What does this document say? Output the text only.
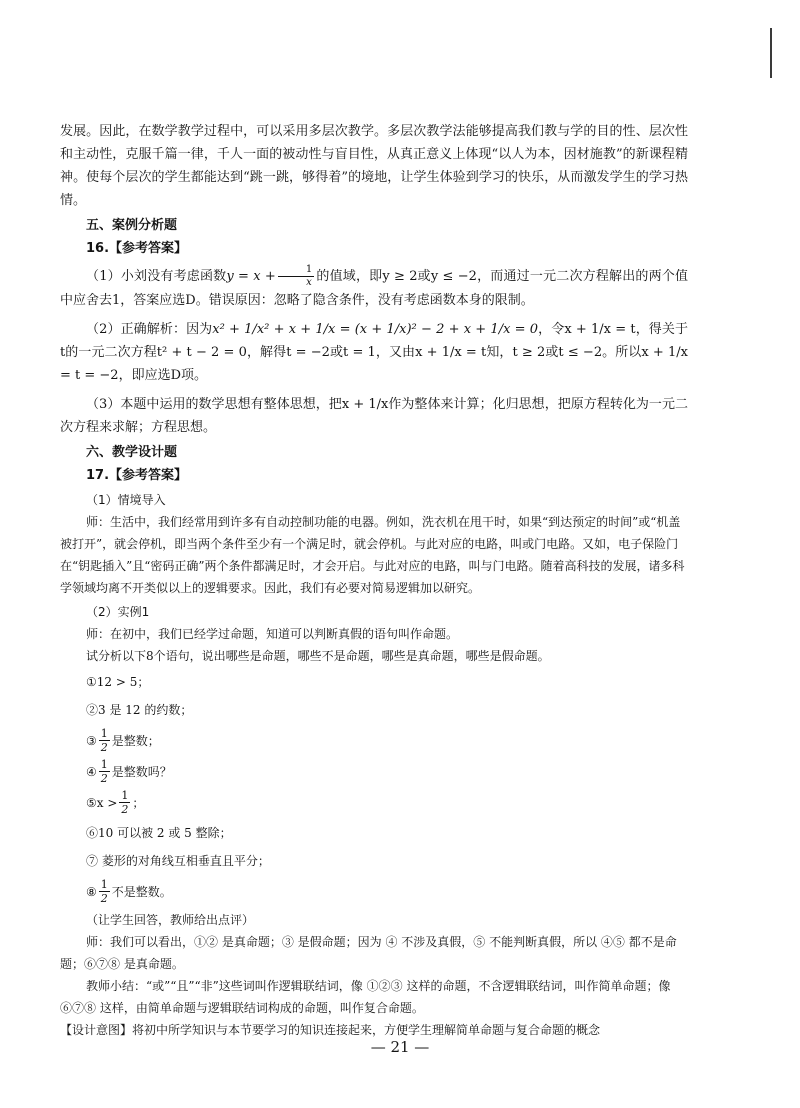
发展。因此，在数学教学过程中，可以采用多层次教学。多层次教学法能够提高我们教与学的目的性、层次性和主动性，克服千篇一律，千人一面的被动性与盲目性，从真正意义上体现“以人为本，因材施教”的新课程精神。使每个层次的学生都能达到“跳一跳，够得着”的境地，让学生体验到学习的快乐，从而激发学生的学习热情。

五、案例分析题
16.【参考答案】

（1）小刘没有考虑函数$y = x + \frac{1}{x}$ 的值域，即y ≥ 2或y ≤ −2，而通过一元二次方程解出的两个值中应舍去1，答案应选D。错误原因：忽略了隐含条件，没有考虑函数本身的限制。

（2）正确解析：因为x² + 1/x² + x + 1/x = (x + 1/x)² − 2 + x + 1/x = 0，令x + 1/x = t，得关于t的一元二次方程t² + t − 2 = 0，解得t = −2或t = 1，又由x + 1/x = t知，t ≥ 2或t ≤ −2。所以x + 1/x = t = −2，即应选D项。

（3）本题中运用的数学思想有整体思想，把x + 1/x作为整体来计算；化归思想，把原方程转化为一元二次方程来求解；方程思想。

六、教学设计题
17.【参考答案】
（1）情境导入

师：生活中，我们经常用到许多有自动控制功能的电器。例如，洗衣机在甩干时，如果“到达预定的时间”或“机盖被打开”，就会停机，即当两个条件至少有一个满足时，就会停机。与此对应的电路，叫或门电路。又如，电子保险门在“钥匙插入”且“密码正确”两个条件都满足时，才会开启。与此对应的电路，叫与门电路。随着高科技的发展，诸多科学领域均离不开类似以上的逻辑要求。因此，我们有必要对简易逻辑加以研究。

（2）实例1

师：在初中，我们已经学过命题，知道可以判断真假的语句叫作命题。

试分析以下8个语句，说出哪些是命题，哪些不是命题，哪些是真命题，哪些是假命题。

①12 > 5；
②3 是 12 的约数；
③ $\frac{1}{2}$ 是整数；
④ $\frac{1}{2}$ 是整数吗？
⑤x > $\frac{1}{2}$ ；
⑥10 可以被 2 或 5 整除；
⑦ 菱形的对角线互相垂直且平分；
⑧ $\frac{1}{2}$ 不是整数。
（让学生回答，教师给出点评）

师：我们可以看出，①② 是真命题；③ 是假命题；因为 ④ 不涉及真假，⑤ 不能判断真假，所以 ④⑤ 都不是命题；⑥⑦⑧ 是真命题。

教师小结：“或”“且”“非”这些词叫作逻辑联结词，像 ①②③ 这样的命题，不含逻辑联结词，叫作简单命题；像 ⑥⑦⑧ 这样，由简单命题与逻辑联结词构成的命题，叫作复合命题。

【设计意图】将初中所学知识与本节要学习的知识连接起来，方便学生理解简单命题与复合命题的概念

— 21 —
